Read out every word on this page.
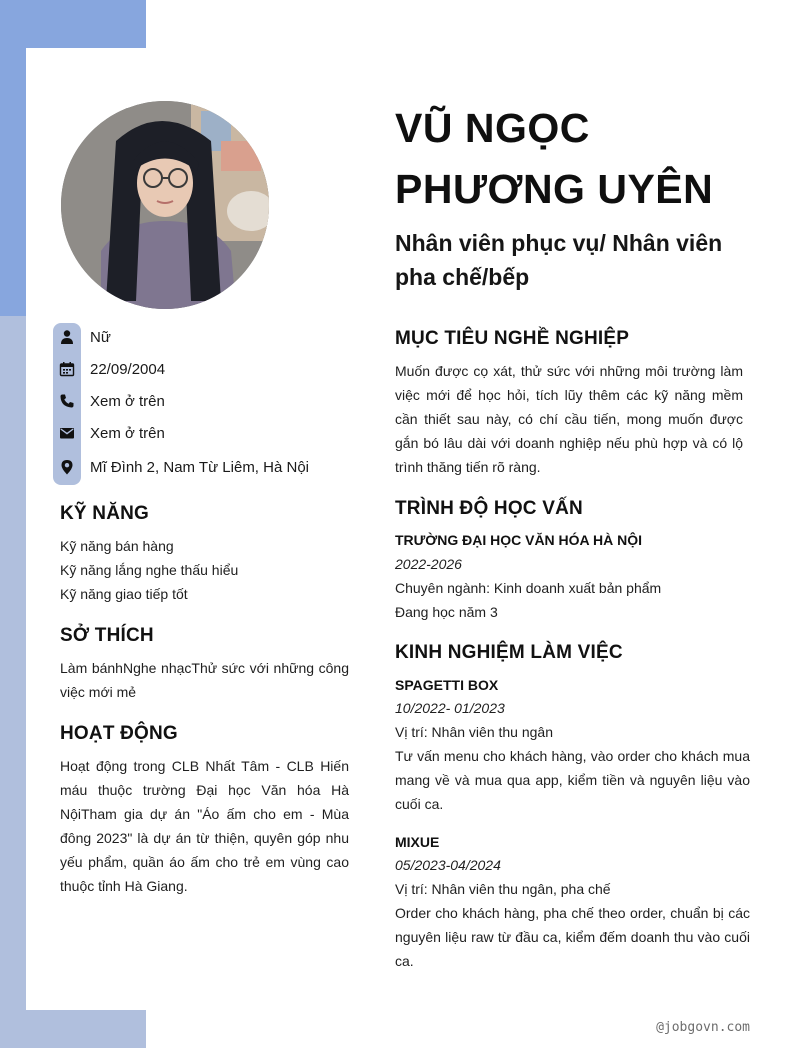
Nữ
22/09/2004
Xem ở trên
Xem ở trên
Mĩ Đình 2, Nam Từ Liêm, Hà Nội
KỸ NĂNG
Kỹ năng bán hàng
Kỹ năng lắng nghe thấu hiểu
Kỹ năng giao tiếp tốt
SỞ THÍCH
Làm bánhNghe nhạcThử sức với những công việc mới mẻ
HOẠT ĐỘNG
Hoạt động trong CLB Nhất Tâm - CLB Hiến máu thuộc trường Đại học Văn hóa Hà NộiTham gia dự án "Áo ấm cho em - Mùa đông 2023" là dự án từ thiện, quyên góp nhu yếu phẩm, quần áo ấm cho trẻ em vùng cao thuộc tỉnh Hà Giang.
VŨ NGỌC
PHƯƠNG UYÊN
Nhân viên phục vụ/ Nhân viên pha chế/bếp
MỤC TIÊU NGHỀ NGHIỆP
Muốn được cọ xát, thử sức với những môi trường làm việc mới để học hỏi, tích lũy thêm các kỹ năng mềm cần thiết sau này, có chí cầu tiến, mong muốn được gắn bó lâu dài với doanh nghiệp nếu phù hợp và có lộ trình thăng tiến rõ ràng.
TRÌNH ĐỘ HỌC VẤN
TRƯỜNG ĐẠI HỌC VĂN HÓA HÀ NỘI
2022-2026
Chuyên ngành: Kinh doanh xuất bản phẩm
Đang học năm 3
KINH NGHIỆM LÀM VIỆC
SPAGETTI BOX
10/2022- 01/2023
Vị trí: Nhân viên thu ngân
Tư vấn menu cho khách hàng, vào order cho khách mua mang về và mua qua app, kiểm tiền và nguyên liệu vào cuối ca.
MIXUE
05/2023-04/2024
Vị trí: Nhân viên thu ngân, pha chế
Order cho khách hàng, pha chế theo order, chuẩn bị các nguyên liệu raw từ đầu ca, kiểm đếm doanh thu vào cuối ca.
@jobgovn.com
